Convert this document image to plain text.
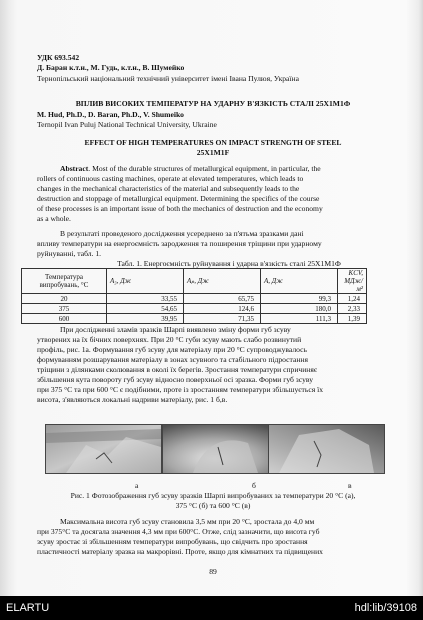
УДК 693.542
Д. Баран к.т.н., М. Гудь, к.т.н., В. Шумейко
Тернопільський національний технічний університет імені Івана Пулюя, Україна
ВПЛИВ ВИСОКИХ ТЕМПЕРАТУР НА УДАРНУ В'ЯЗКІСТЬ СТАЛІ 25Х1М1Ф
M. Hud, Ph.D., D. Baran, Ph.D., V. Shumeiko
Ternopil Ivan Puluj National Technical University, Ukraine
EFFECT OF HIGH TEMPERATURES ON IMPACT STRENGTH OF STEEL
25Х1М1F
Abstract. Most of the durable structures of metallurgical equipment, in particular, the
rollers of continuous casting machines, operate at elevated temperatures, which leads to
changes in the mechanical characteristics of the material and subsequently leads to the
destruction and stoppage of metallurgical equipment. Determining the specifics of the course
of these processes is an important issue of both the mechanics of destruction and the economy
as a whole.
В результаті проведеного дослідження усереднено за п'ятьма зразками дані
впливу температури на енергоємність зародження та поширення тріщини при ударному
руйнуванні, табл. 1.
Табл. 1. Енергоємність руйнування і ударна в'язкість сталі 25Х1М1Ф
Температура випробувань, °С	A₃, Дж	Aₚ, Дж	A, Дж	KCV, МДж/м²
20	33,55	65,75	99,3	1,24
375	54,65	124,6	180,0	2,33
600	39,95	71,35	111,3	1,39
При дослідженні зламів зразків Шарпі виявлено зміну форми губ зсуву
утворених на їх бічних поверхнях. При 20 °С губи зсуву мають слабо розвинутий
профіль, рис. 1а. Формування губ зсуву для матеріалу при 20 °С супроводжувалось
формуванням розшарування матеріалу в зонах зсувного та стабільного підростання
тріщини з ділянками сколювання в околі їх берегів. Зростання температури спричиняє
збільшення кута повороту губ зсуву відносно поверхньої осі зразка. Форми губ зсуву
при 375 °С та при 600 °С є подібними, проте із зростанням температури збільшується їх
висота, з'являються локальні надриви матеріалу, рис. 1 б,в.
а	б	в
Рис. 1 Фотозображення губ зсуву зразків Шарпі випробуваних за температури 20 °С (а),
375 °С (б) та 600 °С (в)
Максимальна висота губ зсуву становила 3,5 мм при 20 °С, зростала до 4,0 мм
при 375°С та досягала значення 4,3 мм при 600°С. Отже, слід зазначити, що висота губ
зсуву зростає зі збільшенням температури випробувань, що свідчить про зростання
пластичності матеріалу зразка на макрорівні. Проте, якщо для кімнатних та підвищених
89
ELARTU	hdl:lib/39108
